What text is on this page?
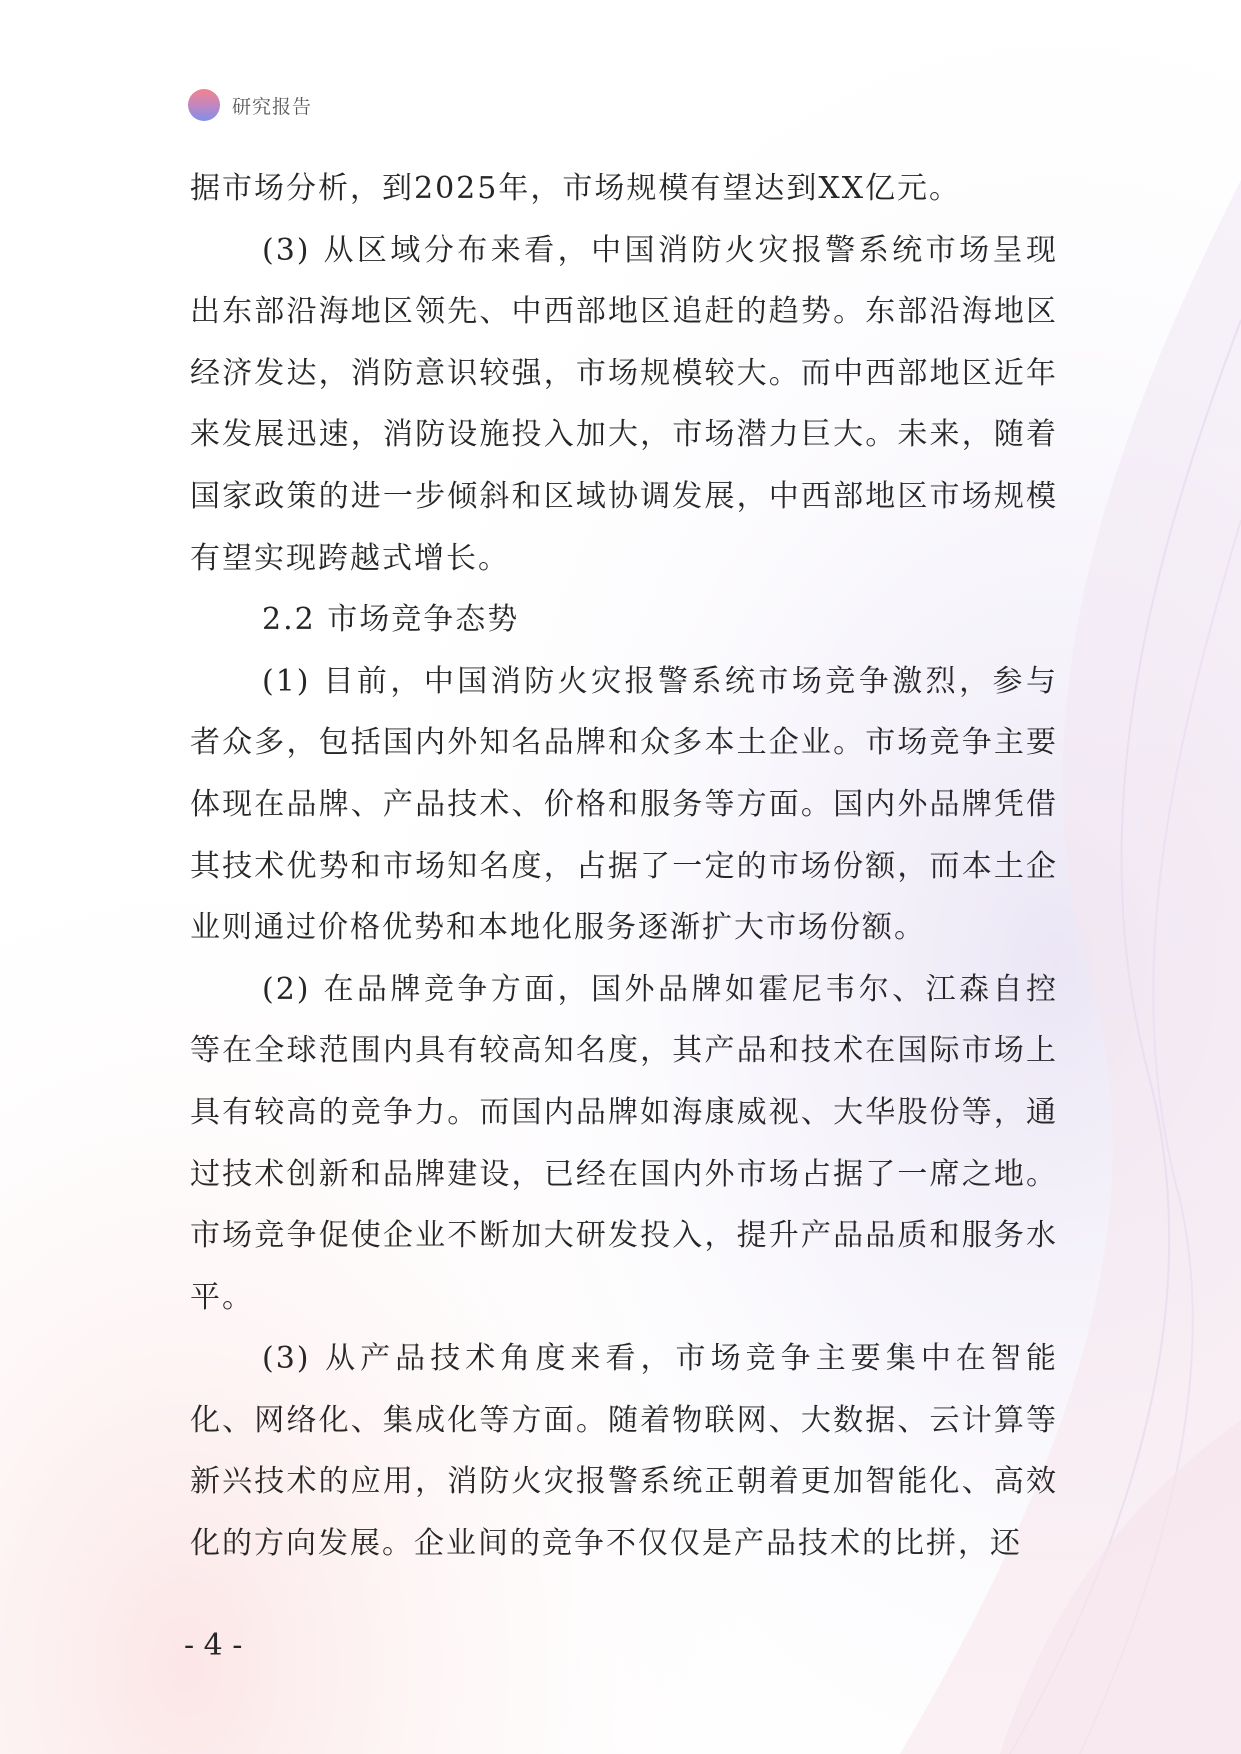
研究报告

据市场分析，到2025年，市场规模有望达到XX亿元。

(3) 从区域分布来看，中国消防火灾报警系统市场呈现出东部沿海地区领先、中西部地区追赶的趋势。东部沿海地区经济发达，消防意识较强，市场规模较大。而中西部地区近年来发展迅速，消防设施投入加大，市场潜力巨大。未来，随着国家政策的进一步倾斜和区域协调发展，中西部地区市场规模有望实现跨越式增长。

2.2 市场竞争态势

(1) 目前，中国消防火灾报警系统市场竞争激烈，参与者众多，包括国内外知名品牌和众多本土企业。市场竞争主要体现在品牌、产品技术、价格和服务等方面。国内外品牌凭借其技术优势和市场知名度，占据了一定的市场份额，而本土企业则通过价格优势和本地化服务逐渐扩大市场份额。

(2) 在品牌竞争方面，国外品牌如霍尼韦尔、江森自控等在全球范围内具有较高知名度，其产品和技术在国际市场上具有较高的竞争力。而国内品牌如海康威视、大华股份等，通过技术创新和品牌建设，已经在国内外市场占据了一席之地。市场竞争促使企业不断加大研发投入，提升产品品质和服务水平。

(3) 从产品技术角度来看，市场竞争主要集中在智能化、网络化、集成化等方面。随着物联网、大数据、云计算等新兴技术的应用，消防火灾报警系统正朝着更加智能化、高效化的方向发展。企业间的竞争不仅仅是产品技术的比拼，还

- 4 -
